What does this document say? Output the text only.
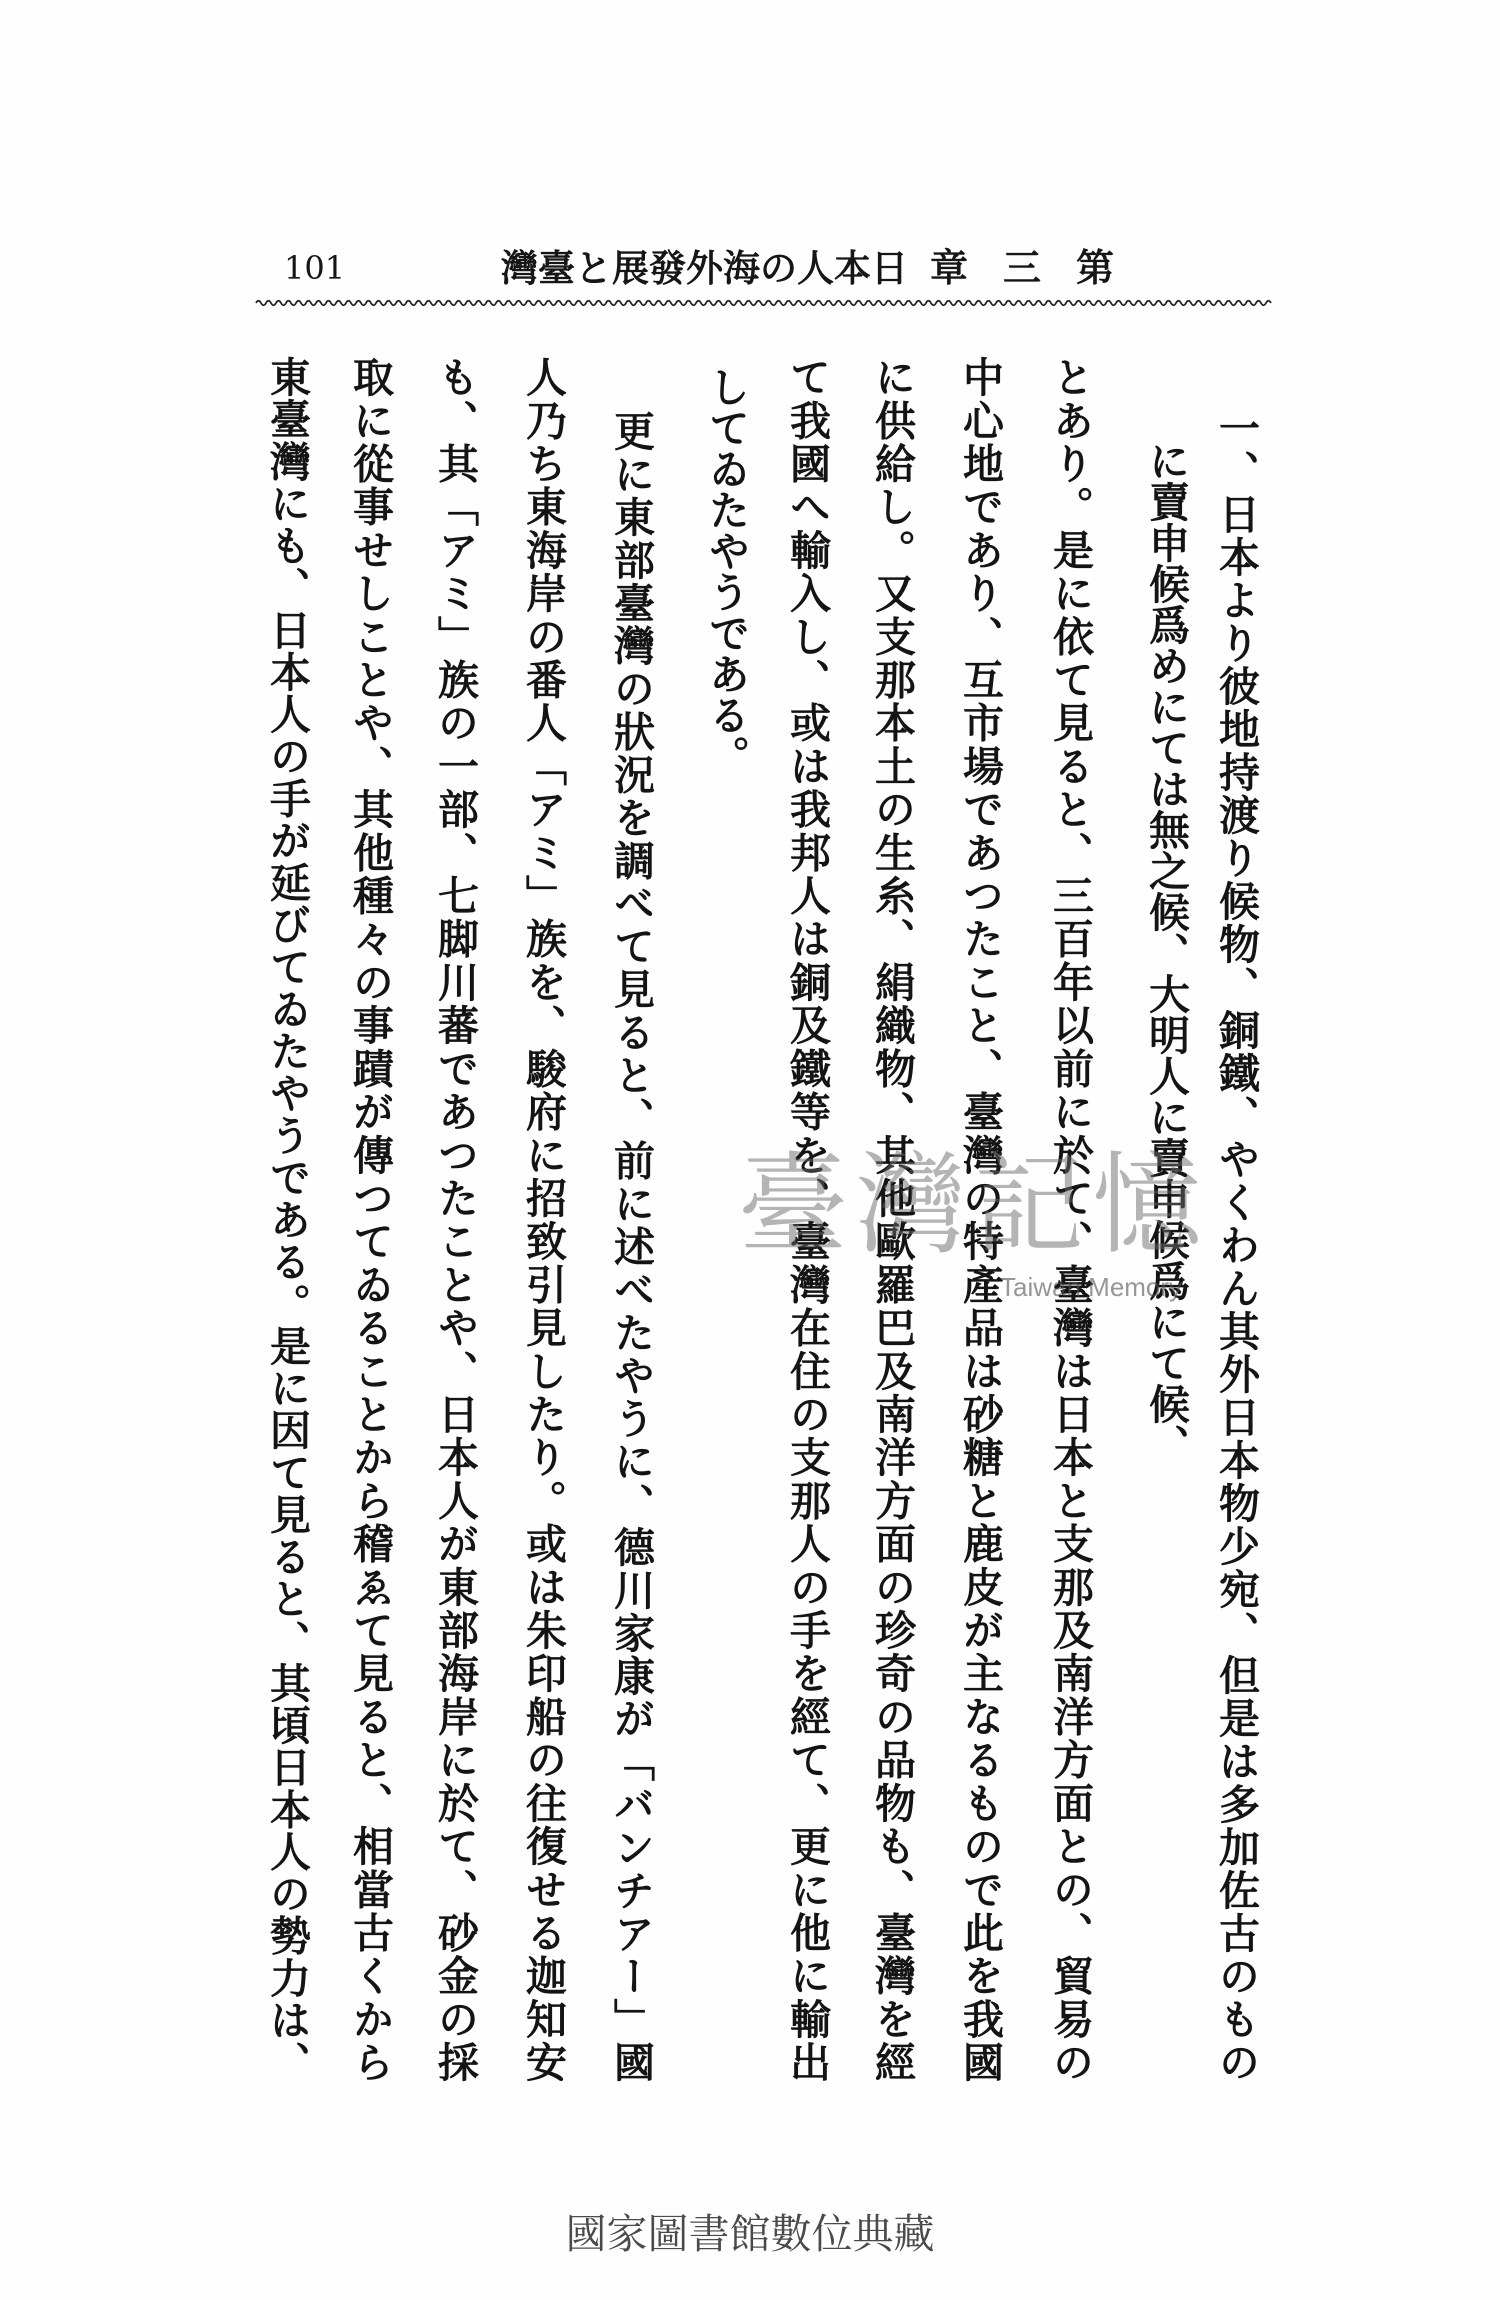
101	日本人の海外發展と臺灣 第三章
一、日本より彼地持渡り候物、銅鐵、やくわん其外日本物少宛、但是は多加佐古のもの
に賣申候爲めにては無之候、大明人に賣申候爲にて候、
とあり。是に依て見ると、三百年以前に於て、臺灣は日本と支那及南洋方面との、貿易の
中心地であり、互市場であつたこと、臺灣の特產品は砂糖と鹿皮が主なるもので此を我國
に供給し。又支那本土の生糸、絹織物、其他歐羅巴及南洋方面の珍奇の品物も、臺灣を經
て我國へ輸入し、或は我邦人は銅及鐵等を、臺灣在住の支那人の手を經て、更に他に輸出
してゐたやうである。
更に東部臺灣の狀況を調べて見ると、前に述べたやうに、德川家康が「バンチアー」國
人乃ち東海岸の番人「アミ」族を、駿府に招致引見したり。或は朱印船の往復せる迦知安
も、其「アミ」族の一部、七脚川蕃であつたことや、日本人が東部海岸に於て、砂金の採
取に從事せしことや、其他種々の事蹟が傳つてゐることから稽ゑて見ると、相當古くから
東臺灣にも、日本人の手が延びてゐたやうである。是に因て見ると、其頃日本人の勢力は、	臺灣記憶
Taiwan Memory
國家圖書館數位典藏
